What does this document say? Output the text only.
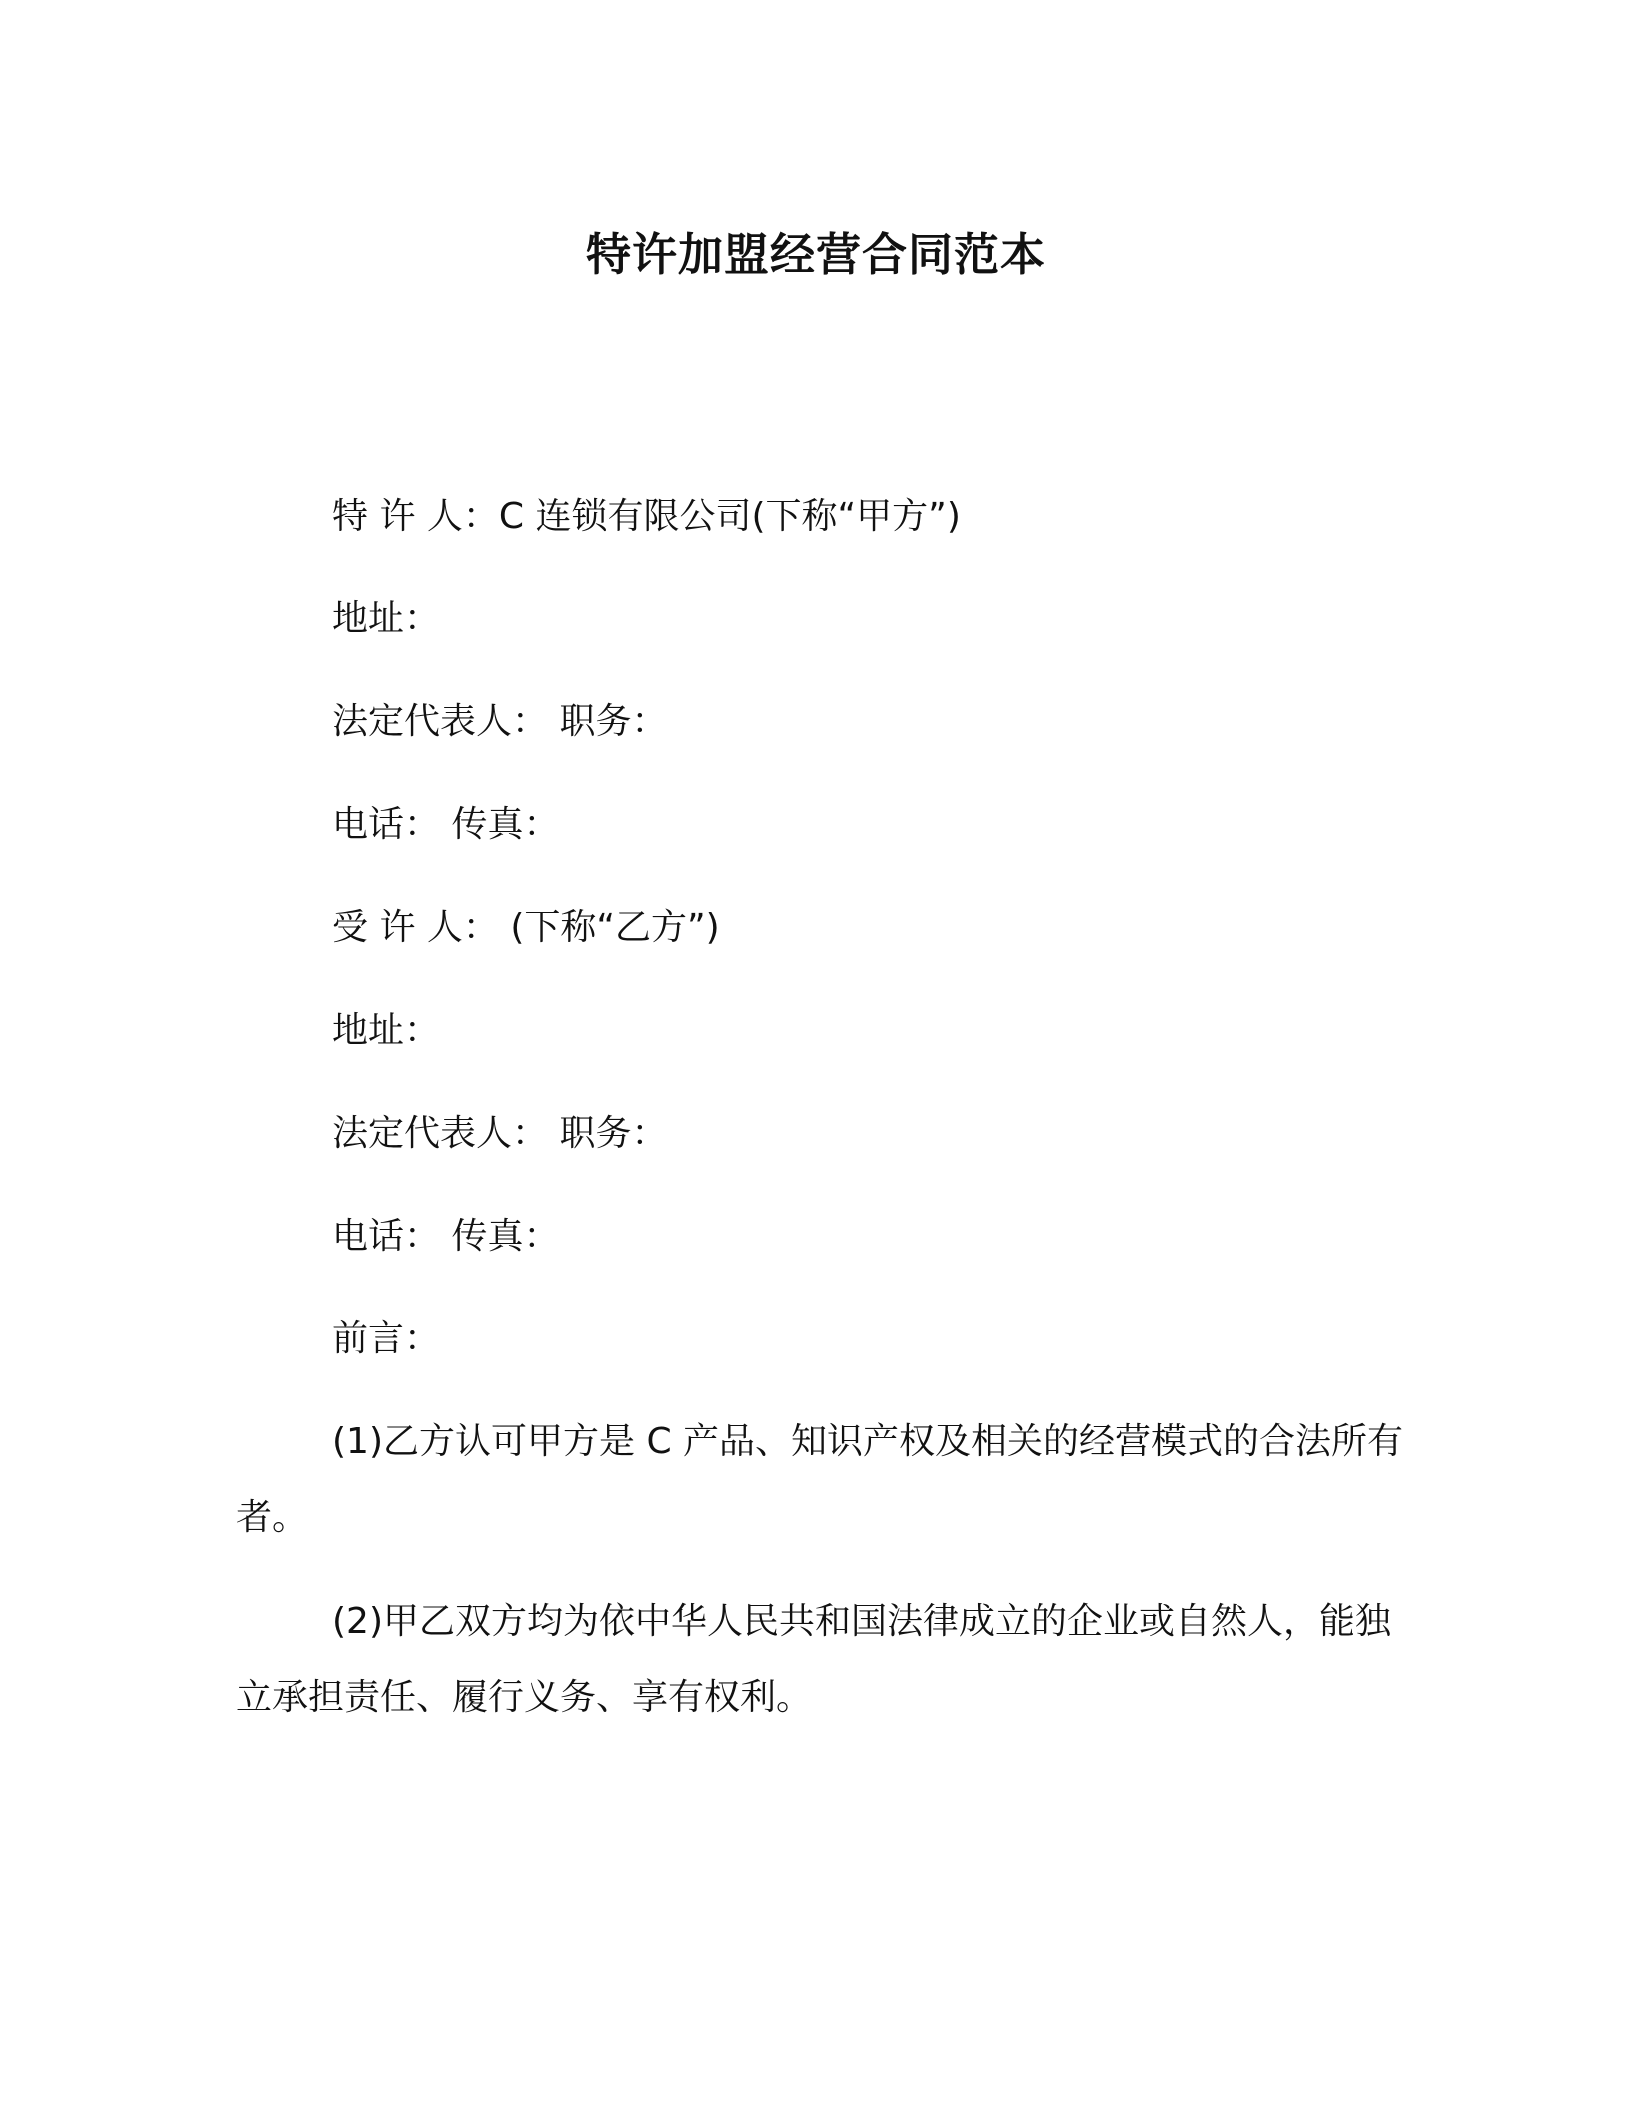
特许加盟经营合同范本
特 许 人：C 连锁有限公司(下称“甲方”)
地址：
法定代表人： 职务：
电话： 传真：
受 许 人： (下称“乙方”)
地址：
法定代表人： 职务：
电话： 传真：
前言：
(1)乙方认可甲方是 C 产品、知识产权及相关的经营模式的合法所有者。
(2)甲乙双方均为依中华人民共和国法律成立的企业或自然人，能独立承担责任、履行义务、享有权利。
